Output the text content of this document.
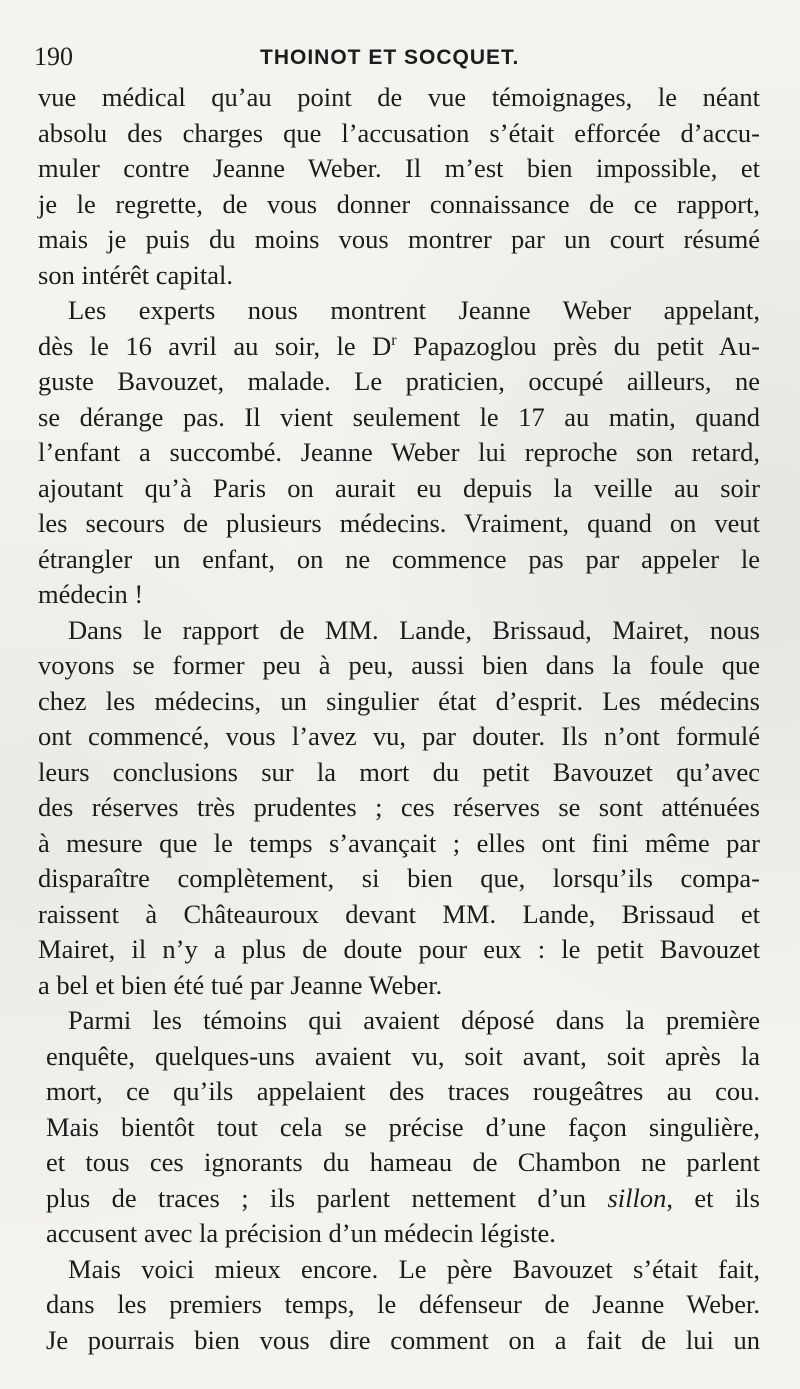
190	THOINOT ET SOCQUET.
vue médical qu’au point de vue témoignages, le néant
absolu des charges que l’accusation s’était efforcée d’accu-
muler contre Jeanne Weber. Il m’est bien impossible, et
je le regrette, de vous donner connaissance de ce rapport,
mais je puis du moins vous montrer par un court résumé
son intérêt capital.
Les experts nous montrent Jeanne Weber appelant,
dès le 16 avril au soir, le $D^r$ Papazoglou près du petit Au-
guste Bavouzet, malade. Le praticien, occupé ailleurs, ne
se dérange pas. Il vient seulement le 17 au matin, quand
l’enfant a succombé. Jeanne Weber lui reproche son retard,
ajoutant qu’à Paris on aurait eu depuis la veille au soir
les secours de plusieurs médecins. Vraiment, quand on veut
étrangler un enfant, on ne commence pas par appeler le
médecin !
Dans le rapport de MM. Lande, Brissaud, Mairet, nous
voyons se former peu à peu, aussi bien dans la foule que
chez les médecins, un singulier état d’esprit. Les médecins
ont commencé, vous l’avez vu, par douter. Ils n’ont formulé
leurs conclusions sur la mort du petit Bavouzet qu’avec
des réserves très prudentes ; ces réserves se sont atténuées
à mesure que le temps s’avançait ; elles ont fini même par
disparaître complètement, si bien que, lorsqu’ils compa-
raissent à Châteauroux devant MM. Lande, Brissaud et
Mairet, il n’y a plus de doute pour eux : le petit Bavouzet
a bel et bien été tué par Jeanne Weber.
Parmi les témoins qui avaient déposé dans la première
enquête, quelques-uns avaient vu, soit avant, soit après la
mort, ce qu’ils appelaient des traces rougeâtres au cou.
Mais bientôt tout cela se précise d’une façon singulière,
et tous ces ignorants du hameau de Chambon ne parlent
plus de traces ; ils parlent nettement d’un sillon, et ils
accusent avec la précision d’un médecin légiste.
Mais voici mieux encore. Le père Bavouzet s’était fait,
dans les premiers temps, le défenseur de Jeanne Weber.
Je pourrais bien vous dire comment on a fait de lui un
